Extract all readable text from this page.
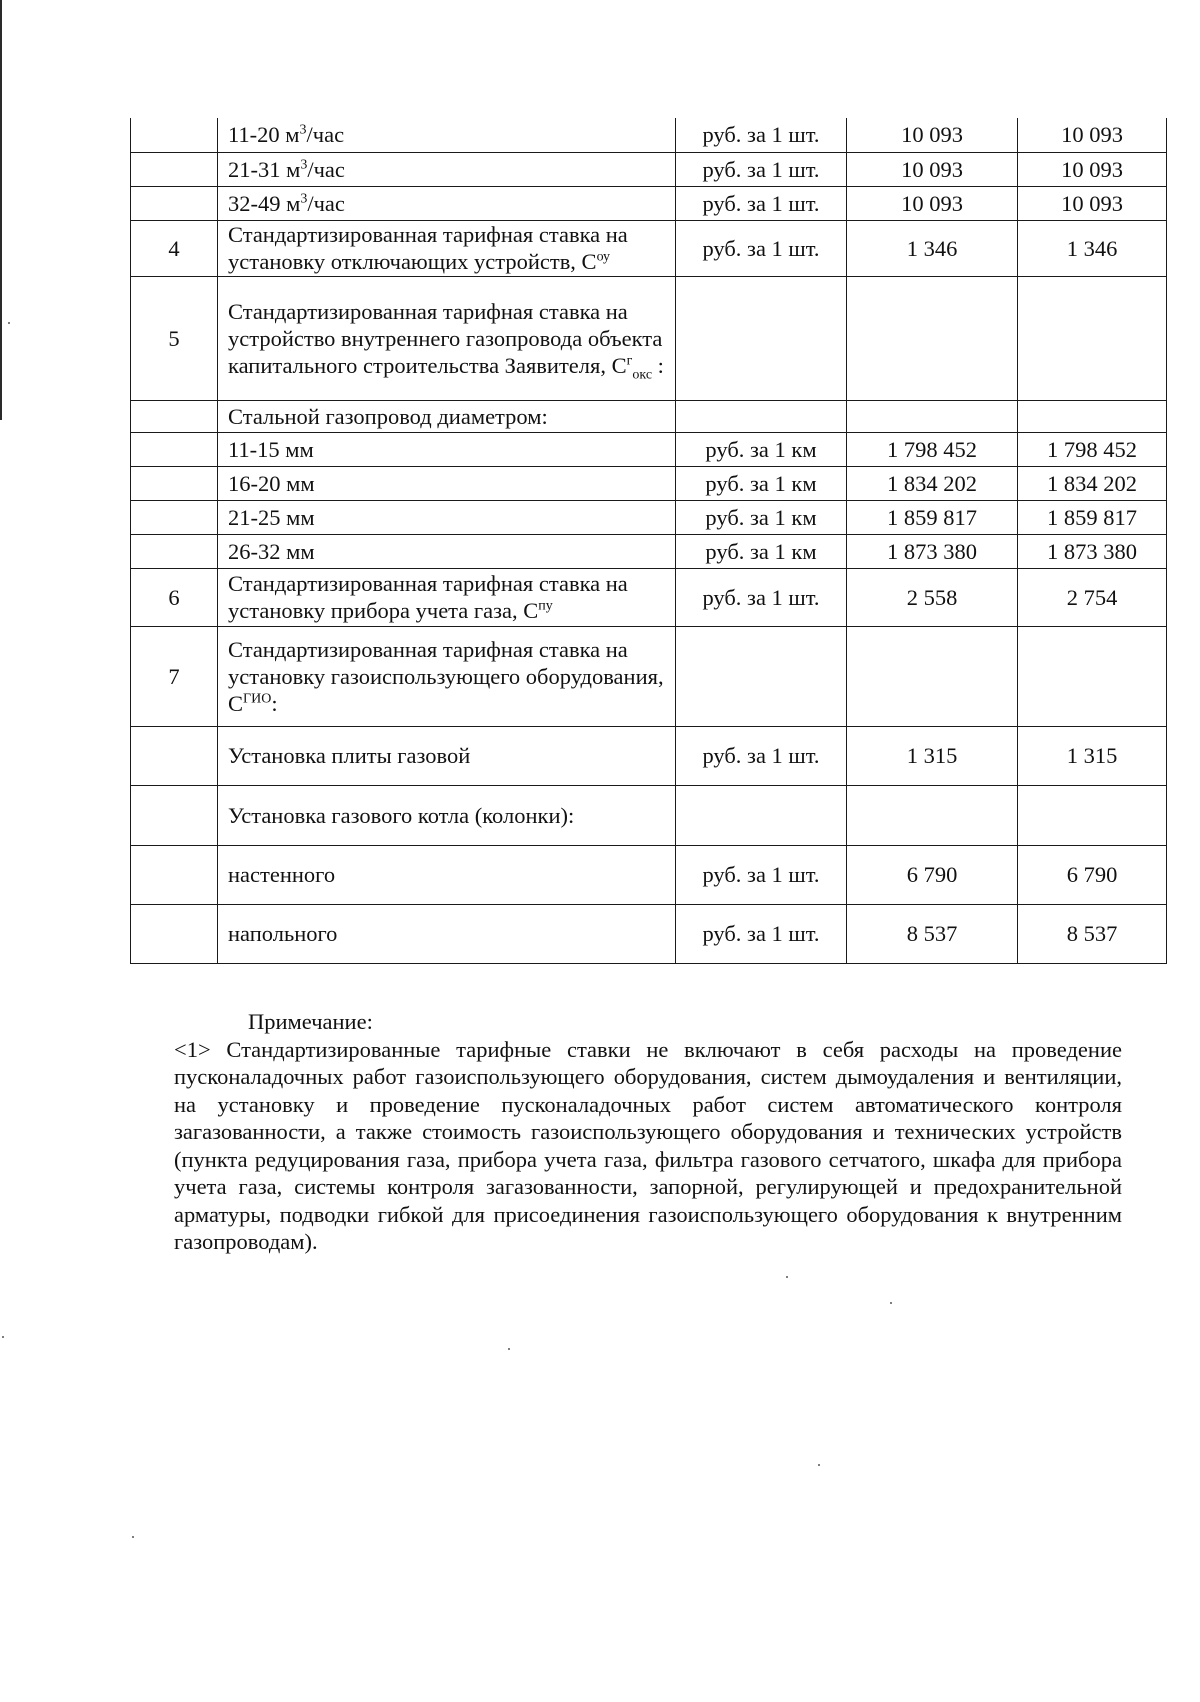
	11-20 $м^3$/час	руб. за 1 шт.	10 093	10 093
	21-31 $м^3$/час	руб. за 1 шт.	10 093	10 093
	32-49 $м^3$/час	руб. за 1 шт.	10 093	10 093
4	Стандартизированная тарифная ставка на установку отключающих устройств, $С^{оу}$	руб. за 1 шт.	1 346	1 346
5	Стандартизированная тарифная ставка на устройство внутреннего газопровода объекта капитального строительства Заявителя, $С^г_{окс}$ :			
	Стальной газопровод диаметром:			
	11-15 мм	руб. за 1 км	1 798 452	1 798 452
	16-20 мм	руб. за 1 км	1 834 202	1 834 202
	21-25 мм	руб. за 1 км	1 859 817	1 859 817
	26-32 мм	руб. за 1 км	1 873 380	1 873 380
6	Стандартизированная тарифная ставка на установку прибора учета газа, $С^{пу}$	руб. за 1 шт.	2 558	2 754
7	Стандартизированная тарифная ставка на установку газоиспользующего оборудования, $С^{ГИО}$:			
	Установка плиты газовой	руб. за 1 шт.	1 315	1 315
	Установка газового котла (колонки):			
	настенного	руб. за 1 шт.	6 790	6 790
	напольного	руб. за 1 шт.	8 537	8 537

Примечание:

<1> Стандартизированные тарифные ставки не включают в себя расходы на проведение пусконаладочных работ газоиспользующего оборудования, систем дымоудаления и вентиляции, на установку и проведение пусконаладочных работ систем автоматического контроля загазованности, а также стоимость газоиспользующего оборудования и технических устройств (пункта редуцирования газа, прибора учета газа, фильтра газового сетчатого, шкафа для прибора учета газа, системы контроля загазованности, запорной, регулирующей и предохранительной арматуры, подводки гибкой для присоединения газоиспользующего оборудования к внутренним газопроводам).
